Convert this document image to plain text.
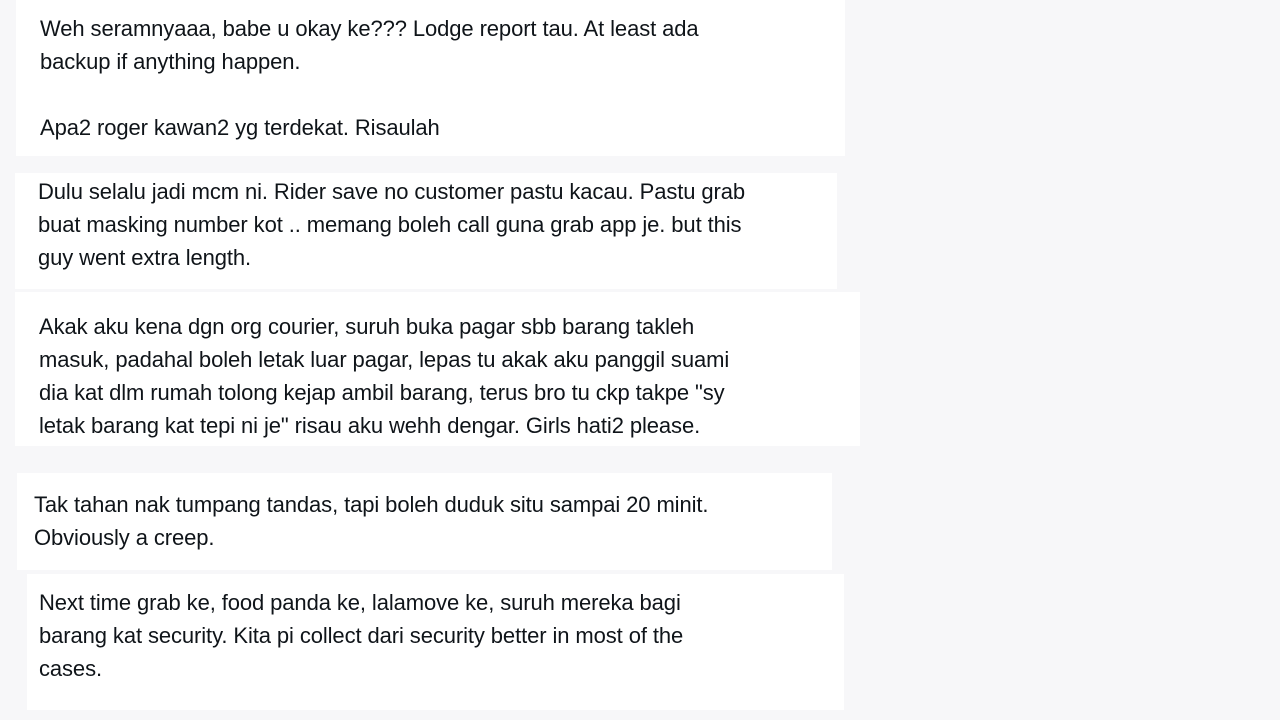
Weh seramnyaaa, babe u okay ke??? Lodge report tau. At least ada
backup if anything happen.

Apa2 roger kawan2 yg terdekat. Risaulah

Dulu selalu jadi mcm ni. Rider save no customer pastu kacau. Pastu grab
buat masking number kot .. memang boleh call guna grab app je. but this
guy went extra length.

Akak aku kena dgn org courier, suruh buka pagar sbb barang takleh
masuk, padahal boleh letak luar pagar, lepas tu akak aku panggil suami
dia kat dlm rumah tolong kejap ambil barang, terus bro tu ckp takpe "sy
letak barang kat tepi ni je" risau aku wehh dengar. Girls hati2 please.

Tak tahan nak tumpang tandas, tapi boleh duduk situ sampai 20 minit.
Obviously a creep.

Next time grab ke, food panda ke, lalamove ke, suruh mereka bagi
barang kat security. Kita pi collect dari security better in most of the
cases.
